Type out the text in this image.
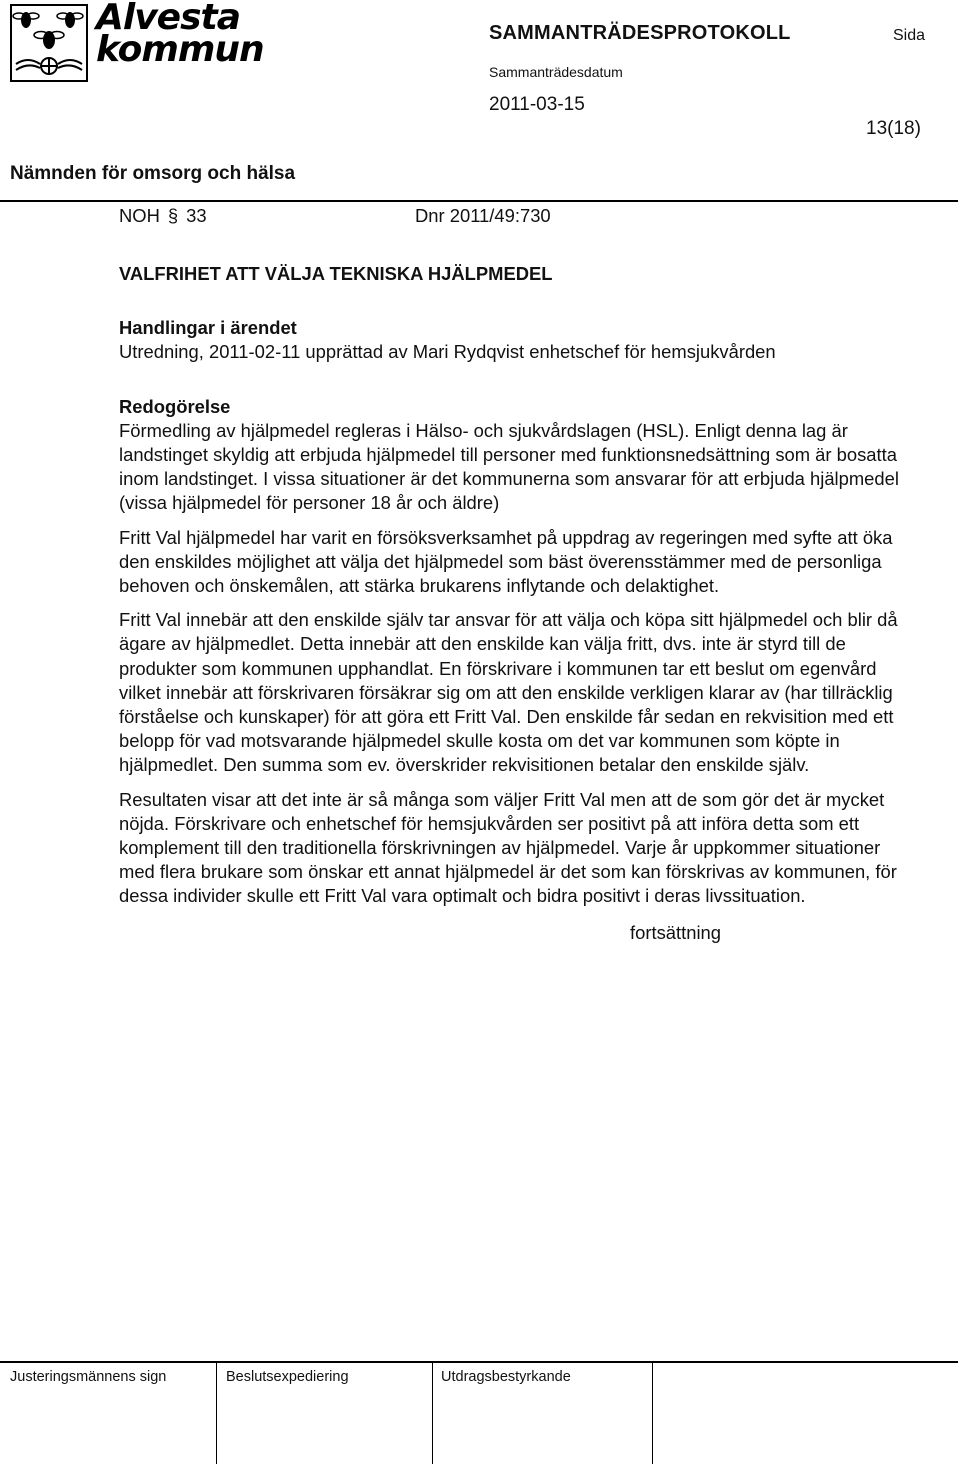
Alvesta
kommun	SAMMANTRÄDESPROTOKOLL	Sida
Sammanträdesdatum
2011-03-15
13(18)
Nämnden för omsorg och hälsa
NOH § 33	Dnr 2011/49:730

VALFRIHET ATT VÄLJA TEKNISKA HJÄLPMEDEL

Handlingar i ärendet

Utredning, 2011-02-11 upprättad av Mari Rydqvist enhetschef för hemsjukvården

Redogörelse

Förmedling av hjälpmedel regleras i Hälso- och sjukvårdslagen (HSL). Enligt denna lag är landstinget skyldig att erbjuda hjälpmedel till personer med funktionsnedsättning som är bosatta inom landstinget. I vissa situationer är det kommunerna som ansvarar för att erbjuda hjälpmedel (vissa hjälpmedel för personer 18 år och äldre)

Fritt Val hjälpmedel har varit en försöksverksamhet på uppdrag av regeringen med syfte att öka den enskildes möjlighet att välja det hjälpmedel som bäst överensstämmer med de personliga behoven och önskemålen, att stärka brukarens inflytande och delaktighet.

Fritt Val innebär att den enskilde själv tar ansvar för att välja och köpa sitt hjälpmedel och blir då ägare av hjälpmedlet. Detta innebär att den enskilde kan välja fritt, dvs. inte är styrd till de produkter som kommunen upphandlat. En förskrivare i kommunen tar ett beslut om egenvård vilket innebär att förskrivaren försäkrar sig om att den enskilde verkligen klarar av (har tillräcklig förståelse och kunskaper) för att göra ett Fritt Val. Den enskilde får sedan en rekvisition med ett belopp för vad motsvarande hjälpmedel skulle kosta om det var kommunen som köpte in hjälpmedlet. Den summa som ev. överskrider rekvisitionen betalar den enskilde själv.

Resultaten visar att det inte är så många som väljer Fritt Val men att de som gör det är mycket nöjda. Förskrivare och enhetschef för hemsjukvården ser positivt på att införa detta som ett komplement till den traditionella förskrivningen av hjälpmedel. Varje år uppkommer situationer med flera brukare som önskar ett annat hjälpmedel är det som kan förskrivas av kommunen, för dessa individer skulle ett Fritt Val vara optimalt och bidra positivt i deras livssituation.

fortsättning

Justeringsmännens sign	Beslutsexpediering	Utdragsbestyrkande
